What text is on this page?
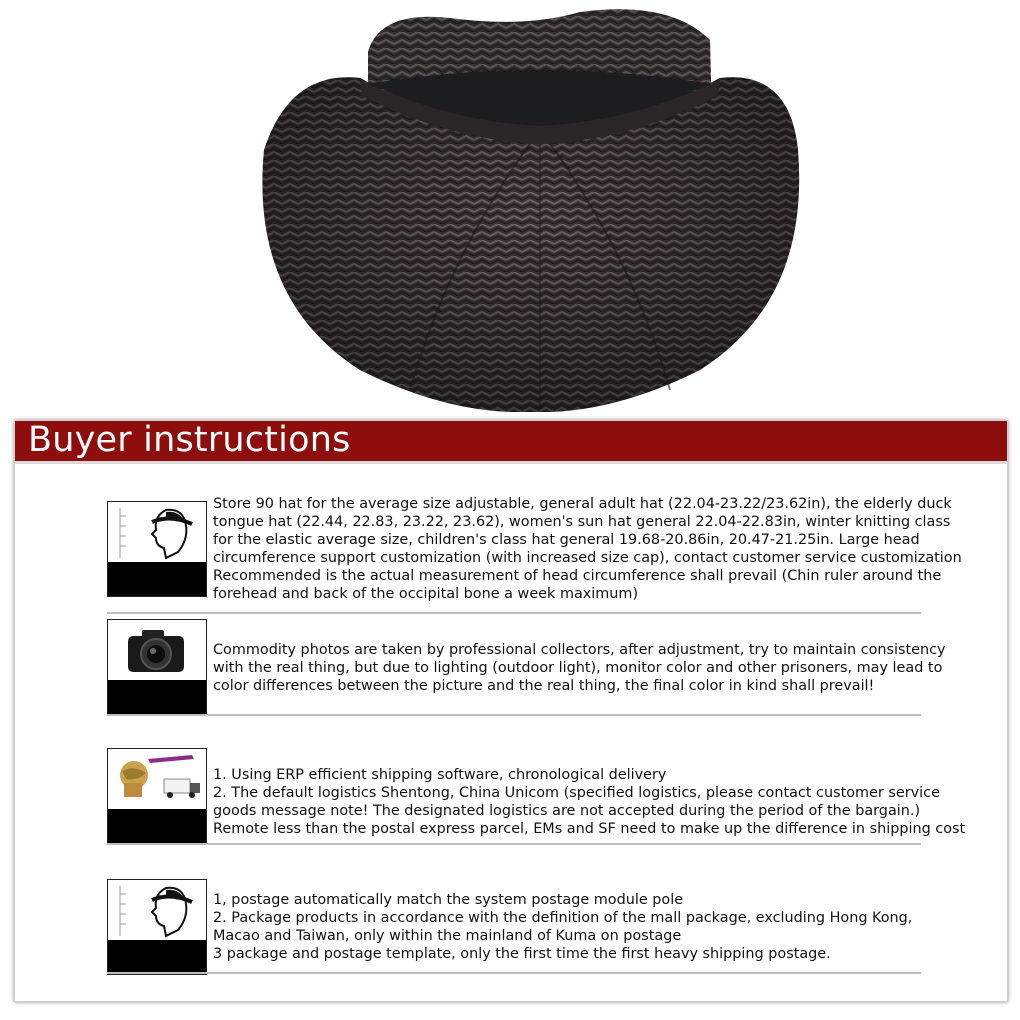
Buyer instructions
Store 90 hat for the average size adjustable, general adult hat (22.04-23.22/23.62in), the elderly duck
tongue hat (22.44, 22.83, 23.22, 23.62), women's sun hat general 22.04-22.83in, winter knitting class
for the elastic average size, children's class hat general 19.68-20.86in, 20.47-21.25in. Large head
circumference support customization (with increased size cap), contact customer service customization
Recommended is the actual measurement of head circumference shall prevail (Chin ruler around the
forehead and back of the occipital bone a week maximum)
Commodity photos are taken by professional collectors, after adjustment, try to maintain consistency
with the real thing, but due to lighting (outdoor light), monitor color and other prisoners, may lead to
color differences between the picture and the real thing, the final color in kind shall prevail!
1. Using ERP efficient shipping software, chronological delivery
2. The default logistics Shentong, China Unicom (specified logistics, please contact customer service
goods message note! The designated logistics are not accepted during the period of the bargain.)
Remote less than the postal express parcel, EMs and SF need to make up the difference in shipping cost
1, postage automatically match the system postage module pole
2. Package products in accordance with the definition of the mall package, excluding Hong Kong,
Macao and Taiwan, only within the mainland of Kuma on postage
3 package and postage template, only the first time the first heavy shipping postage.
